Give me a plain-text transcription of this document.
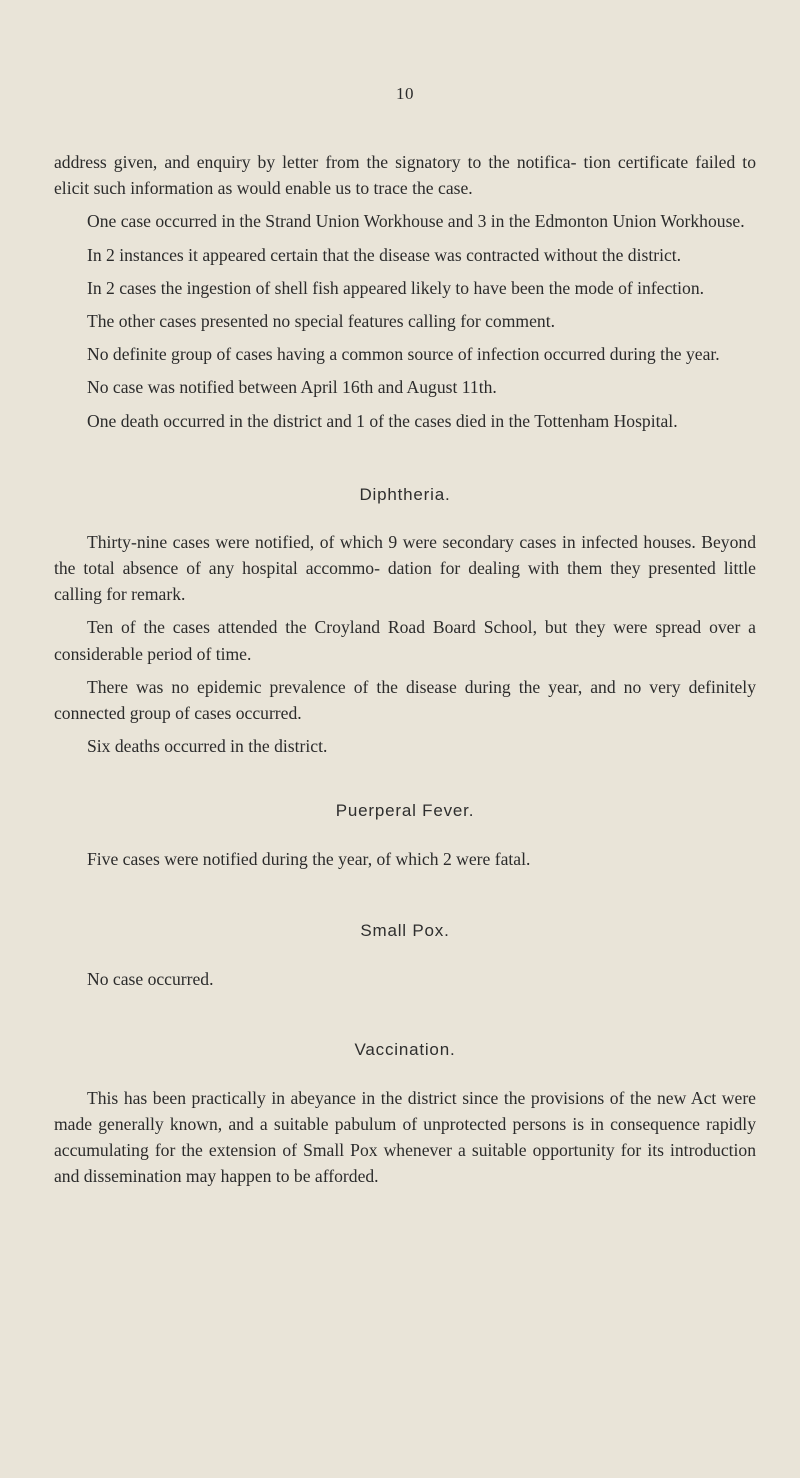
10

address given, and enquiry by letter from the signatory to the notifica- tion certificate failed to elicit such information as would enable us to trace the case.

One case occurred in the Strand Union Workhouse and 3 in the Edmonton Union Workhouse.

In 2 instances it appeared certain that the disease was contracted without the district.

In 2 cases the ingestion of shell fish appeared likely to have been the mode of infection.

The other cases presented no special features calling for comment.

No definite group of cases having a common source of infection occurred during the year.

No case was notified between April 16th and August 11th.

One death occurred in the district and 1 of the cases died in the Tottenham Hospital.

Diphtheria.

Thirty-nine cases were notified, of which 9 were secondary cases in infected houses. Beyond the total absence of any hospital accommo- dation for dealing with them they presented little calling for remark.

Ten of the cases attended the Croyland Road Board School, but they were spread over a considerable period of time.

There was no epidemic prevalence of the disease during the year, and no very definitely connected group of cases occurred.

Six deaths occurred in the district.

Puerperal Fever.

Five cases were notified during the year, of which 2 were fatal.

Small Pox.

No case occurred.

Vaccination.

This has been practically in abeyance in the district since the provisions of the new Act were made generally known, and a suitable pabulum of unprotected persons is in consequence rapidly accumulating for the extension of Small Pox whenever a suitable opportunity for its introduction and dissemination may happen to be afforded.
